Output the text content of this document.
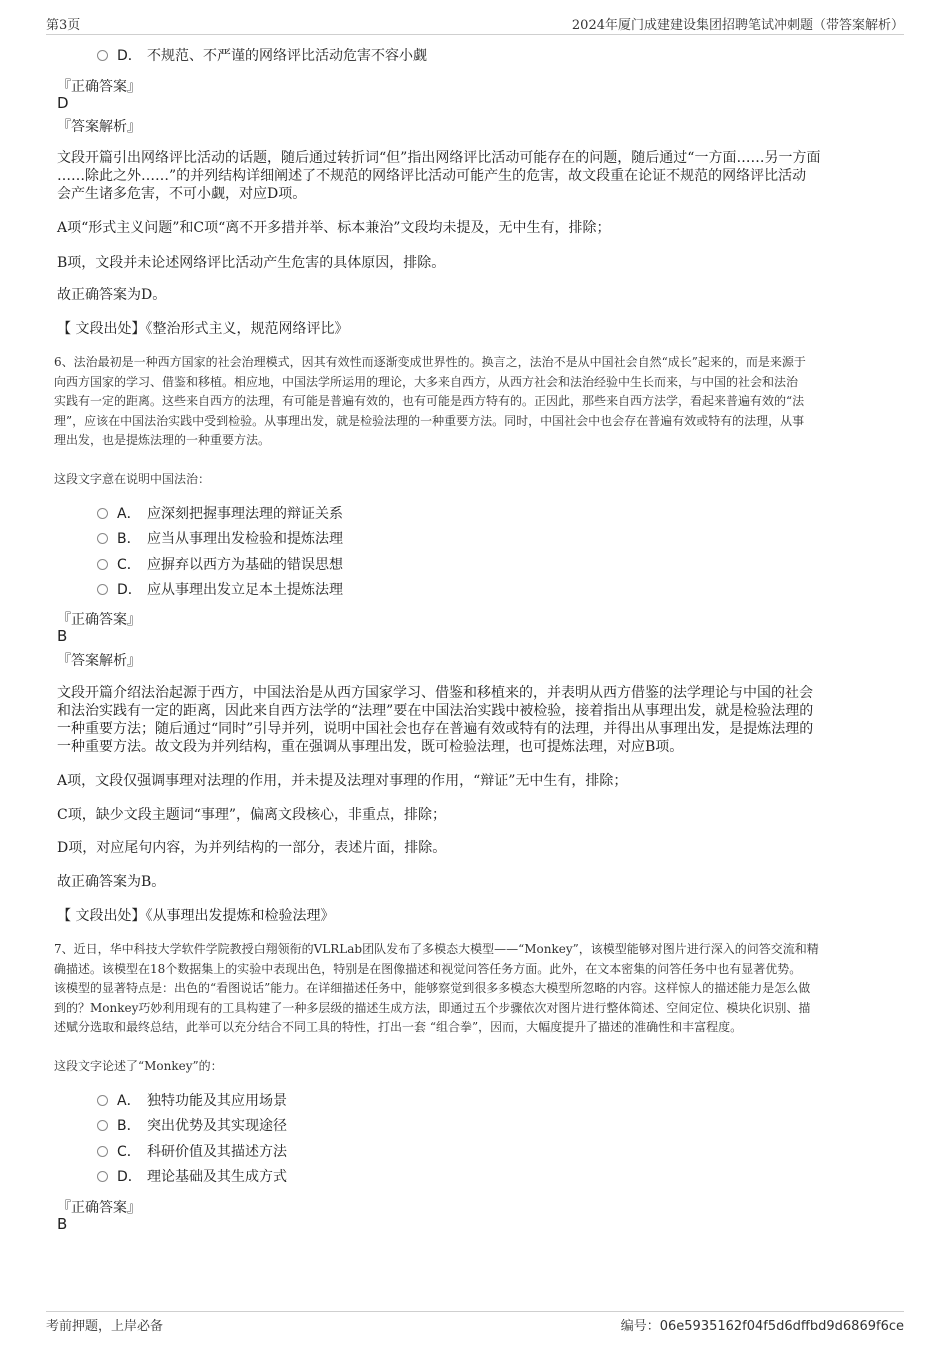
第3页	2024年厦门成建建设集团招聘笔试冲刺题（带答案解析）
D． 不规范、不严谨的网络评比活动危害不容小觑
『正确答案』
D
『答案解析』
文段开篇引出网络评比活动的话题，随后通过转折词“但”指出网络评比活动可能存在的问题，随后通过“一方面……另一方面
……除此之外……”的并列结构详细阐述了不规范的网络评比活动可能产生的危害，故文段重在论证不规范的网络评比活动
会产生诸多危害，不可小觑，对应D项。
A项“形式主义问题”和C项“离不开多措并举、标本兼治”文段均未提及，无中生有，排除；
B项，文段并未论述网络评比活动产生危害的具体原因，排除。
故正确答案为D。
【 文段出处】《整治形式主义，规范网络评比》
6、法治最初是一种西方国家的社会治理模式，因其有效性而逐渐变成世界性的。换言之，法治不是从中国社会自然“成长”起来的，而是来源于
向西方国家的学习、借鉴和移植。相应地，中国法学所运用的理论，大多来自西方，从西方社会和法治经验中生长而来，与中国的社会和法治
实践有一定的距离。这些来自西方的法理，有可能是普遍有效的，也有可能是西方特有的。正因此，那些来自西方法学，看起来普遍有效的“法
理”，应该在中国法治实践中受到检验。从事理出发，就是检验法理的一种重要方法。同时，中国社会中也会存在普遍有效或特有的法理，从事
理出发，也是提炼法理的一种重要方法。
这段文字意在说明中国法治：
A． 应深刻把握事理法理的辩证关系
B． 应当从事理出发检验和提炼法理
C． 应摒弃以西方为基础的错误思想
D． 应从事理出发立足本土提炼法理
『正确答案』
B
『答案解析』
文段开篇介绍法治起源于西方，中国法治是从西方国家学习、借鉴和移植来的，并表明从西方借鉴的法学理论与中国的社会
和法治实践有一定的距离，因此来自西方法学的“法理”要在中国法治实践中被检验，接着指出从事理出发，就是检验法理的
一种重要方法；随后通过“同时”引导并列，说明中国社会也存在普遍有效或特有的法理，并得出从事理出发，是提炼法理的
一种重要方法。故文段为并列结构，重在强调从事理出发，既可检验法理，也可提炼法理，对应B项。
A项，文段仅强调事理对法理的作用，并未提及法理对事理的作用，“辩证”无中生有，排除；
C项，缺少文段主题词“事理”，偏离文段核心，非重点，排除；
D项，对应尾句内容，为并列结构的一部分，表述片面，排除。
故正确答案为B。
【 文段出处】《从事理出发提炼和检验法理》
7、近日，华中科技大学软件学院教授白翔领衔的VLRLab团队发布了多模态大模型——“Monkey”，该模型能够对图片进行深入的问答交流和精
确描述。该模型在18个数据集上的实验中表现出色，特别是在图像描述和视觉问答任务方面。此外，在文本密集的问答任务中也有显著优势。
该模型的显著特点是：出色的“看图说话”能力。在详细描述任务中，能够察觉到很多多模态大模型所忽略的内容。这样惊人的描述能力是怎么做
到的？Monkey巧妙利用现有的工具构建了一种多层级的描述生成方法，即通过五个步骤依次对图片进行整体简述、空间定位、模块化识别、描
述赋分选取和最终总结，此举可以充分结合不同工具的特性，打出一套 “组合拳”，因而，大幅度提升了描述的准确性和丰富程度。
这段文字论述了“Monkey”的：
A． 独特功能及其应用场景
B． 突出优势及其实现途径
C． 科研价值及其描述方法
D． 理论基础及其生成方式
『正确答案』
B
考前押题，上岸必备	编号：06e5935162f04f5d6dffbd9d6869f6ce
